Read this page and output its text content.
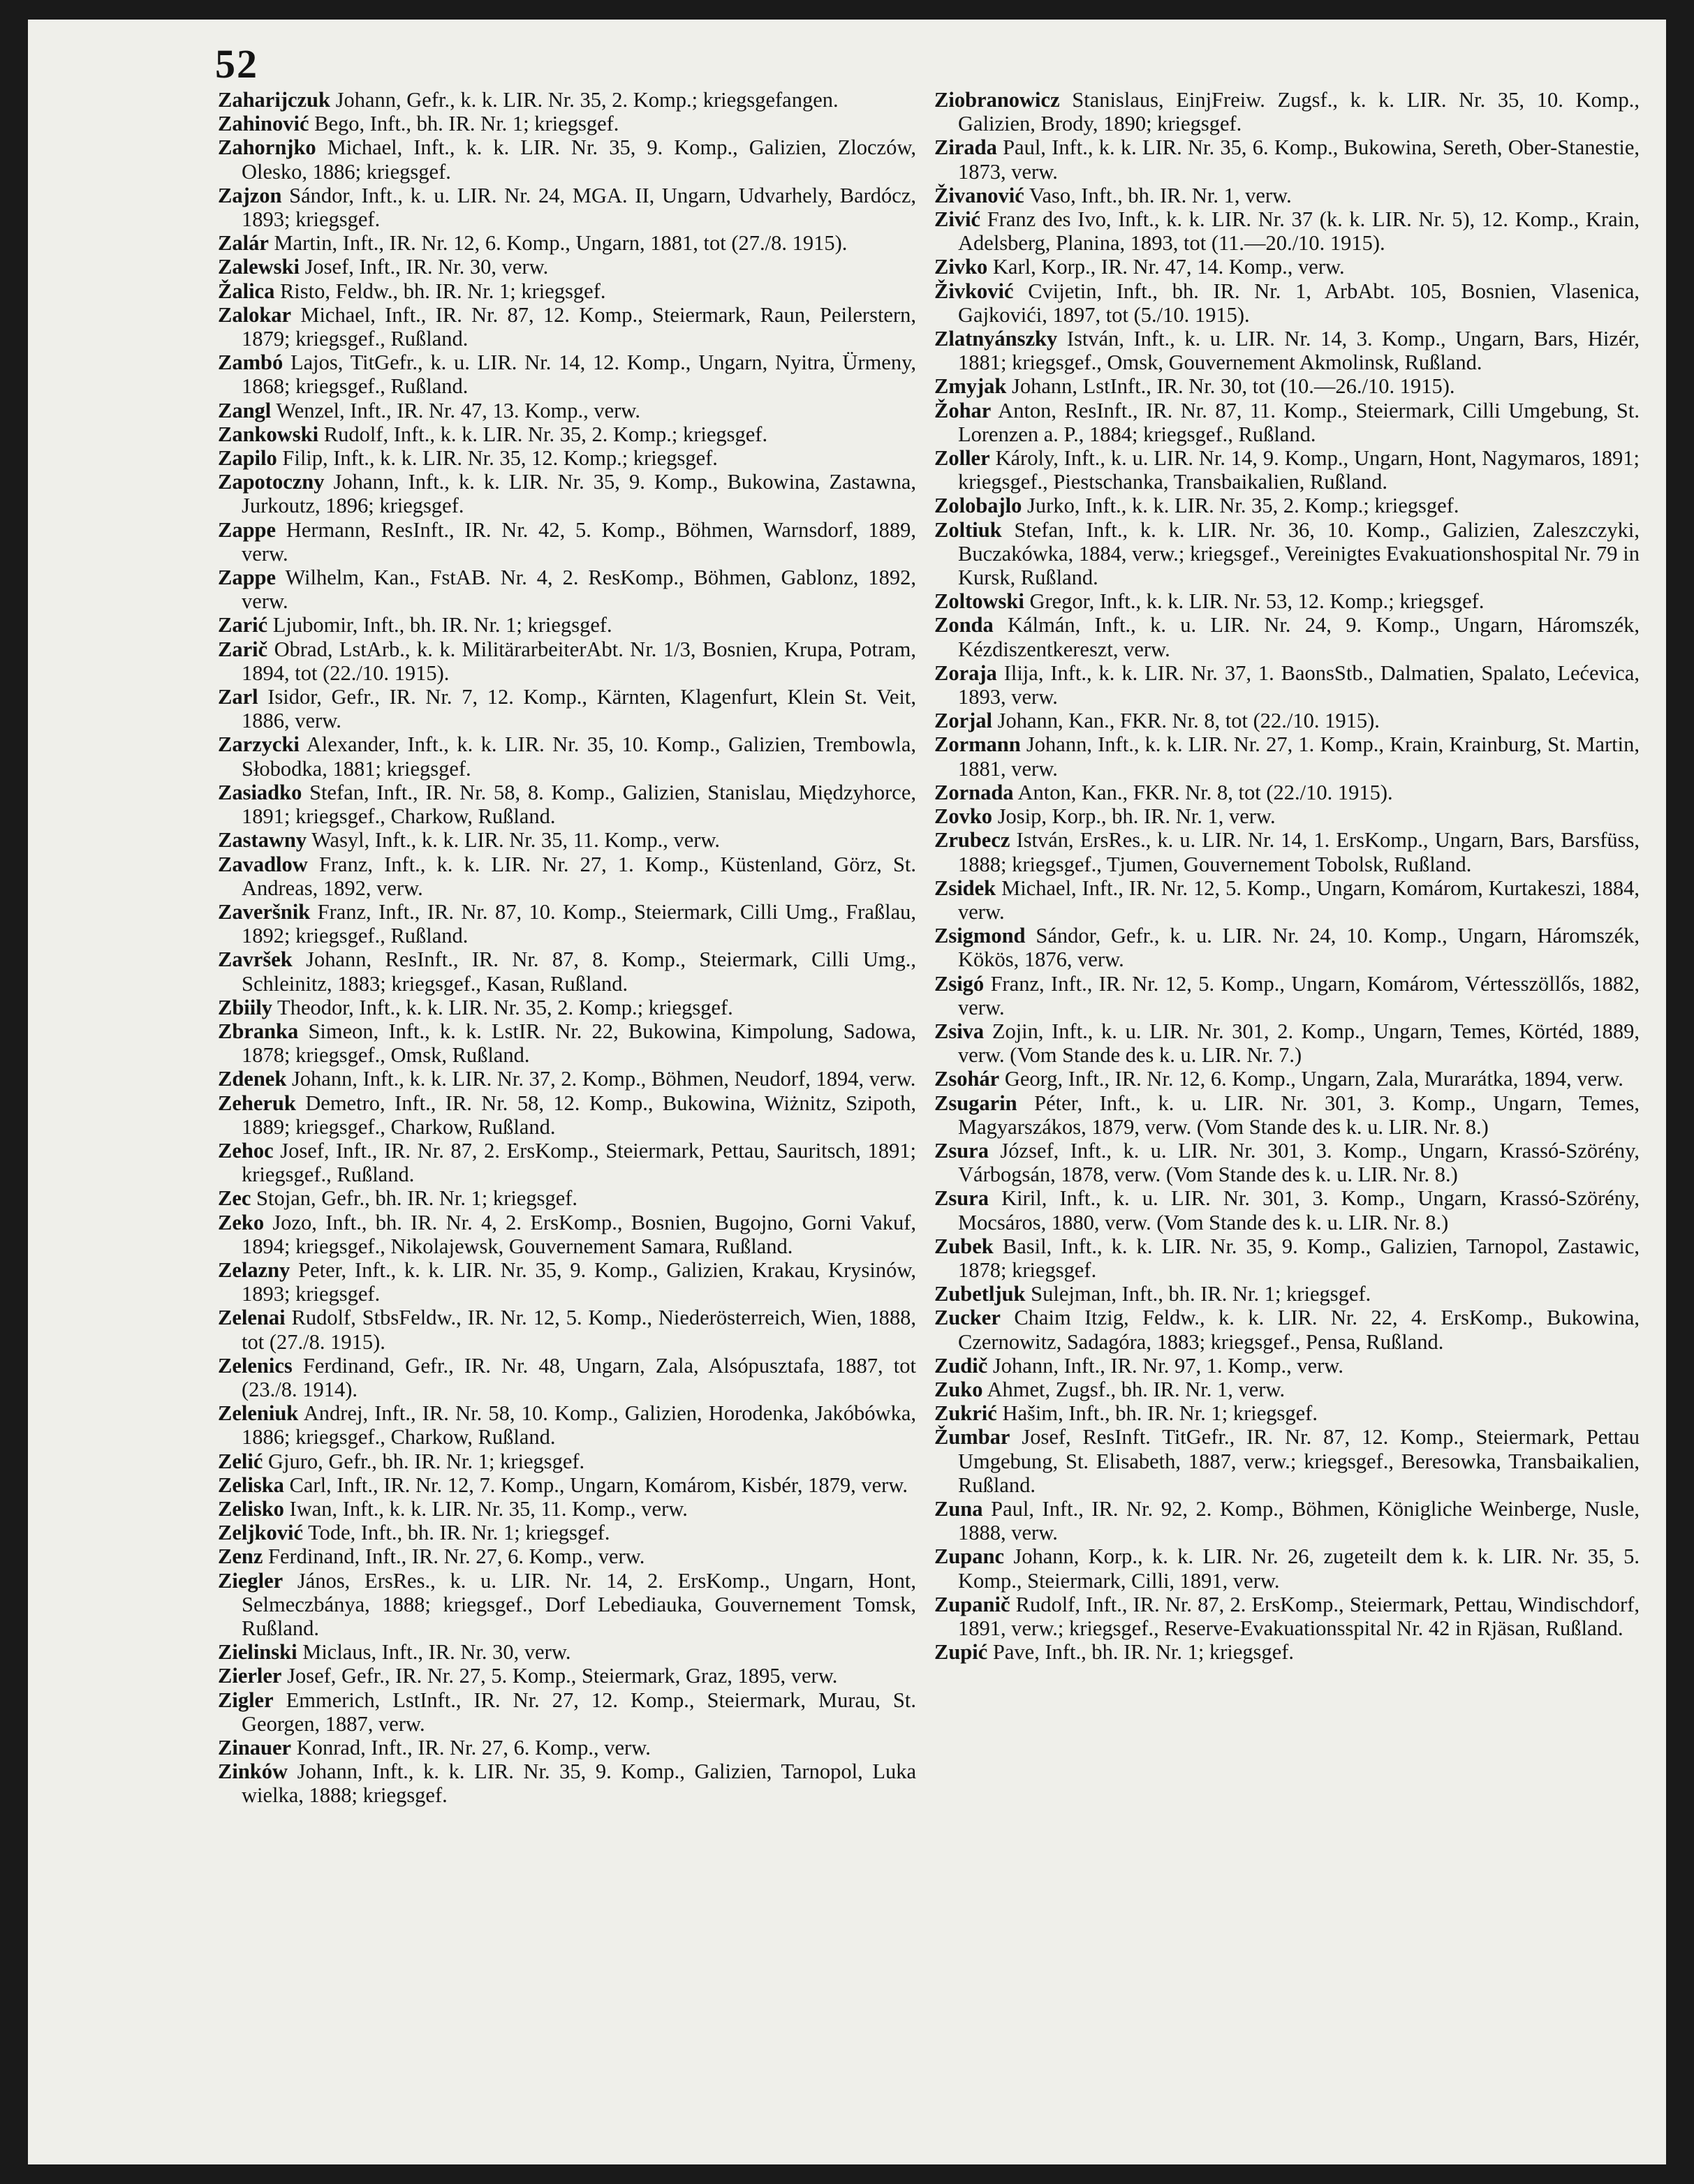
52

Zaharijczuk Johann, Gefr., k. k. LIR. Nr. 35, 2. Komp.; kriegsgefangen.

Zahinović Bego, Inft., bh. IR. Nr. 1; kriegsgef.

Zahornjko Michael, Inft., k. k. LIR. Nr. 35, 9. Komp., Galizien, Zloczów, Olesko, 1886; kriegsgef.

Zajzon Sándor, Inft., k. u. LIR. Nr. 24, MGA. II, Ungarn, Udvarhely, Bardócz, 1893; kriegsgef.

Zalár Martin, Inft., IR. Nr. 12, 6. Komp., Ungarn, 1881, tot (27./8. 1915).

Zalewski Josef, Inft., IR. Nr. 30, verw.

Žalica Risto, Feldw., bh. IR. Nr. 1; kriegsgef.

Zalokar Michael, Inft., IR. Nr. 87, 12. Komp., Steiermark, Raun, Peilerstern, 1879; kriegsgef., Rußland.

Zambó Lajos, TitGefr., k. u. LIR. Nr. 14, 12. Komp., Ungarn, Nyitra, Ürmeny, 1868; kriegsgef., Rußland.

Zangl Wenzel, Inft., IR. Nr. 47, 13. Komp., verw.

Zankowski Rudolf, Inft., k. k. LIR. Nr. 35, 2. Komp.; kriegsgef.

Zapilo Filip, Inft., k. k. LIR. Nr. 35, 12. Komp.; kriegsgef.

Zapotoczny Johann, Inft., k. k. LIR. Nr. 35, 9. Komp., Bukowina, Zastawna, Jurkoutz, 1896; kriegsgef.

Zappe Hermann, ResInft., IR. Nr. 42, 5. Komp., Böhmen, Warnsdorf, 1889, verw.

Zappe Wilhelm, Kan., FstAB. Nr. 4, 2. ResKomp., Böhmen, Gablonz, 1892, verw.

Zarić Ljubomir, Inft., bh. IR. Nr. 1; kriegsgef.

Zarič Obrad, LstArb., k. k. MilitärarbeiterAbt. Nr. 1/3, Bosnien, Krupa, Potram, 1894, tot (22./10. 1915).

Zarl Isidor, Gefr., IR. Nr. 7, 12. Komp., Kärnten, Klagenfurt, Klein St. Veit, 1886, verw.

Zarzycki Alexander, Inft., k. k. LIR. Nr. 35, 10. Komp., Galizien, Trembowla, Słobodka, 1881; kriegsgef.

Zasiadko Stefan, Inft., IR. Nr. 58, 8. Komp., Galizien, Stanislau, Międzyhorce, 1891; kriegsgef., Charkow, Rußland.

Zastawny Wasyl, Inft., k. k. LIR. Nr. 35, 11. Komp., verw.

Zavadlow Franz, Inft., k. k. LIR. Nr. 27, 1. Komp., Küstenland, Görz, St. Andreas, 1892, verw.

Zaveršnik Franz, Inft., IR. Nr. 87, 10. Komp., Steiermark, Cilli Umg., Fraßlau, 1892; kriegsgef., Rußland.

Završek Johann, ResInft., IR. Nr. 87, 8. Komp., Steiermark, Cilli Umg., Schleinitz, 1883; kriegsgef., Kasan, Rußland.

Zbiily Theodor, Inft., k. k. LIR. Nr. 35, 2. Komp.; kriegsgef.

Zbranka Simeon, Inft., k. k. LstIR. Nr. 22, Bukowina, Kimpolung, Sadowa, 1878; kriegsgef., Omsk, Rußland.

Zdenek Johann, Inft., k. k. LIR. Nr. 37, 2. Komp., Böhmen, Neudorf, 1894, verw.

Zeheruk Demetro, Inft., IR. Nr. 58, 12. Komp., Bukowina, Wiżnitz, Szipoth, 1889; kriegsgef., Charkow, Rußland.

Zehoc Josef, Inft., IR. Nr. 87, 2. ErsKomp., Steiermark, Pettau, Sauritsch, 1891; kriegsgef., Rußland.

Zec Stojan, Gefr., bh. IR. Nr. 1; kriegsgef.

Zeko Jozo, Inft., bh. IR. Nr. 4, 2. ErsKomp., Bosnien, Bugojno, Gorni Vakuf, 1894; kriegsgef., Nikolajewsk, Gouvernement Samara, Rußland.

Zelazny Peter, Inft., k. k. LIR. Nr. 35, 9. Komp., Galizien, Krakau, Krysinów, 1893; kriegsgef.

Zelenai Rudolf, StbsFeldw., IR. Nr. 12, 5. Komp., Niederösterreich, Wien, 1888, tot (27./8. 1915).

Zelenics Ferdinand, Gefr., IR. Nr. 48, Ungarn, Zala, Alsópusztafa, 1887, tot (23./8. 1914).

Zeleniuk Andrej, Inft., IR. Nr. 58, 10. Komp., Galizien, Horodenka, Jakóbówka, 1886; kriegsgef., Charkow, Rußland.

Zelić Gjuro, Gefr., bh. IR. Nr. 1; kriegsgef.

Zeliska Carl, Inft., IR. Nr. 12, 7. Komp., Ungarn, Komárom, Kisbér, 1879, verw.

Zelisko Iwan, Inft., k. k. LIR. Nr. 35, 11. Komp., verw.

Zeljković Tode, Inft., bh. IR. Nr. 1; kriegsgef.

Zenz Ferdinand, Inft., IR. Nr. 27, 6. Komp., verw.

Ziegler János, ErsRes., k. u. LIR. Nr. 14, 2. ErsKomp., Ungarn, Hont, Selmeczbánya, 1888; kriegsgef., Dorf Lebediauka, Gouvernement Tomsk, Rußland.

Zielinski Miclaus, Inft., IR. Nr. 30, verw.

Zierler Josef, Gefr., IR. Nr. 27, 5. Komp., Steiermark, Graz, 1895, verw.

Zigler Emmerich, LstInft., IR. Nr. 27, 12. Komp., Steiermark, Murau, St. Georgen, 1887, verw.

Zinauer Konrad, Inft., IR. Nr. 27, 6. Komp., verw.

Zinków Johann, Inft., k. k. LIR. Nr. 35, 9. Komp., Galizien, Tarnopol, Luka wielka, 1888; kriegsgef.

Ziobranowicz Stanislaus, EinjFreiw. Zugsf., k. k. LIR. Nr. 35, 10. Komp., Galizien, Brody, 1890; kriegsgef.

Zirada Paul, Inft., k. k. LIR. Nr. 35, 6. Komp., Bukowina, Sereth, Ober-Stanestie, 1873, verw.

Živanović Vaso, Inft., bh. IR. Nr. 1, verw.

Zivić Franz des Ivo, Inft., k. k. LIR. Nr. 37 (k. k. LIR. Nr. 5), 12. Komp., Krain, Adelsberg, Planina, 1893, tot (11.—20./10. 1915).

Zivko Karl, Korp., IR. Nr. 47, 14. Komp., verw.

Živković Cvijetin, Inft., bh. IR. Nr. 1, ArbAbt. 105, Bosnien, Vlasenica, Gajkovići, 1897, tot (5./10. 1915).

Zlatnyánszky István, Inft., k. u. LIR. Nr. 14, 3. Komp., Ungarn, Bars, Hizér, 1881; kriegsgef., Omsk, Gouvernement Akmolinsk, Rußland.

Zmyjak Johann, LstInft., IR. Nr. 30, tot (10.—26./10. 1915).

Žohar Anton, ResInft., IR. Nr. 87, 11. Komp., Steiermark, Cilli Umgebung, St. Lorenzen a. P., 1884; kriegsgef., Rußland.

Zoller Károly, Inft., k. u. LIR. Nr. 14, 9. Komp., Ungarn, Hont, Nagymaros, 1891; kriegsgef., Piestschanka, Transbaikalien, Rußland.

Zolobajlo Jurko, Inft., k. k. LIR. Nr. 35, 2. Komp.; kriegsgef.

Zoltiuk Stefan, Inft., k. k. LIR. Nr. 36, 10. Komp., Galizien, Zaleszczyki, Buczakówka, 1884, verw.; kriegsgef., Vereinigtes Evakuationshospital Nr. 79 in Kursk, Rußland.

Zoltowski Gregor, Inft., k. k. LIR. Nr. 53, 12. Komp.; kriegsgef.

Zonda Kálmán, Inft., k. u. LIR. Nr. 24, 9. Komp., Ungarn, Háromszék, Kézdiszentkereszt, verw.

Zoraja Ilija, Inft., k. k. LIR. Nr. 37, 1. BaonsStb., Dalmatien, Spalato, Lećevica, 1893, verw.

Zorjal Johann, Kan., FKR. Nr. 8, tot (22./10. 1915).

Zormann Johann, Inft., k. k. LIR. Nr. 27, 1. Komp., Krain, Krainburg, St. Martin, 1881, verw.

Zornada Anton, Kan., FKR. Nr. 8, tot (22./10. 1915).

Zovko Josip, Korp., bh. IR. Nr. 1, verw.

Zrubecz István, ErsRes., k. u. LIR. Nr. 14, 1. ErsKomp., Ungarn, Bars, Barsfüss, 1888; kriegsgef., Tjumen, Gouvernement Tobolsk, Rußland.

Zsidek Michael, Inft., IR. Nr. 12, 5. Komp., Ungarn, Komárom, Kurtakeszi, 1884, verw.

Zsigmond Sándor, Gefr., k. u. LIR. Nr. 24, 10. Komp., Ungarn, Háromszék, Kökös, 1876, verw.

Zsigó Franz, Inft., IR. Nr. 12, 5. Komp., Ungarn, Komárom, Vértesszöllős, 1882, verw.

Zsiva Zojin, Inft., k. u. LIR. Nr. 301, 2. Komp., Ungarn, Temes, Körtéd, 1889, verw. (Vom Stande des k. u. LIR. Nr. 7.)

Zsohár Georg, Inft., IR. Nr. 12, 6. Komp., Ungarn, Zala, Murarátka, 1894, verw.

Zsugarin Péter, Inft., k. u. LIR. Nr. 301, 3. Komp., Ungarn, Temes, Magyarszákos, 1879, verw. (Vom Stande des k. u. LIR. Nr. 8.)

Zsura József, Inft., k. u. LIR. Nr. 301, 3. Komp., Ungarn, Krassó-Szörény, Várbogsán, 1878, verw. (Vom Stande des k. u. LIR. Nr. 8.)

Zsura Kiril, Inft., k. u. LIR. Nr. 301, 3. Komp., Ungarn, Krassó-Szörény, Mocsáros, 1880, verw. (Vom Stande des k. u. LIR. Nr. 8.)

Zubek Basil, Inft., k. k. LIR. Nr. 35, 9. Komp., Galizien, Tarnopol, Zastawic, 1878; kriegsgef.

Zubetljuk Sulejman, Inft., bh. IR. Nr. 1; kriegsgef.

Zucker Chaim Itzig, Feldw., k. k. LIR. Nr. 22, 4. ErsKomp., Bukowina, Czernowitz, Sadagóra, 1883; kriegsgef., Pensa, Rußland.

Zudič Johann, Inft., IR. Nr. 97, 1. Komp., verw.

Zuko Ahmet, Zugsf., bh. IR. Nr. 1, verw.

Zukrić Hašim, Inft., bh. IR. Nr. 1; kriegsgef.

Žumbar Josef, ResInft. TitGefr., IR. Nr. 87, 12. Komp., Steiermark, Pettau Umgebung, St. Elisabeth, 1887, verw.; kriegsgef., Beresowka, Transbaikalien, Rußland.

Zuna Paul, Inft., IR. Nr. 92, 2. Komp., Böhmen, Königliche Weinberge, Nusle, 1888, verw.

Zupanc Johann, Korp., k. k. LIR. Nr. 26, zugeteilt dem k. k. LIR. Nr. 35, 5. Komp., Steiermark, Cilli, 1891, verw.

Zupanič Rudolf, Inft., IR. Nr. 87, 2. ErsKomp., Steiermark, Pettau, Windischdorf, 1891, verw.; kriegsgef., Reserve-Evakuationsspital Nr. 42 in Rjäsan, Rußland.

Zupić Pave, Inft., bh. IR. Nr. 1; kriegsgef.
